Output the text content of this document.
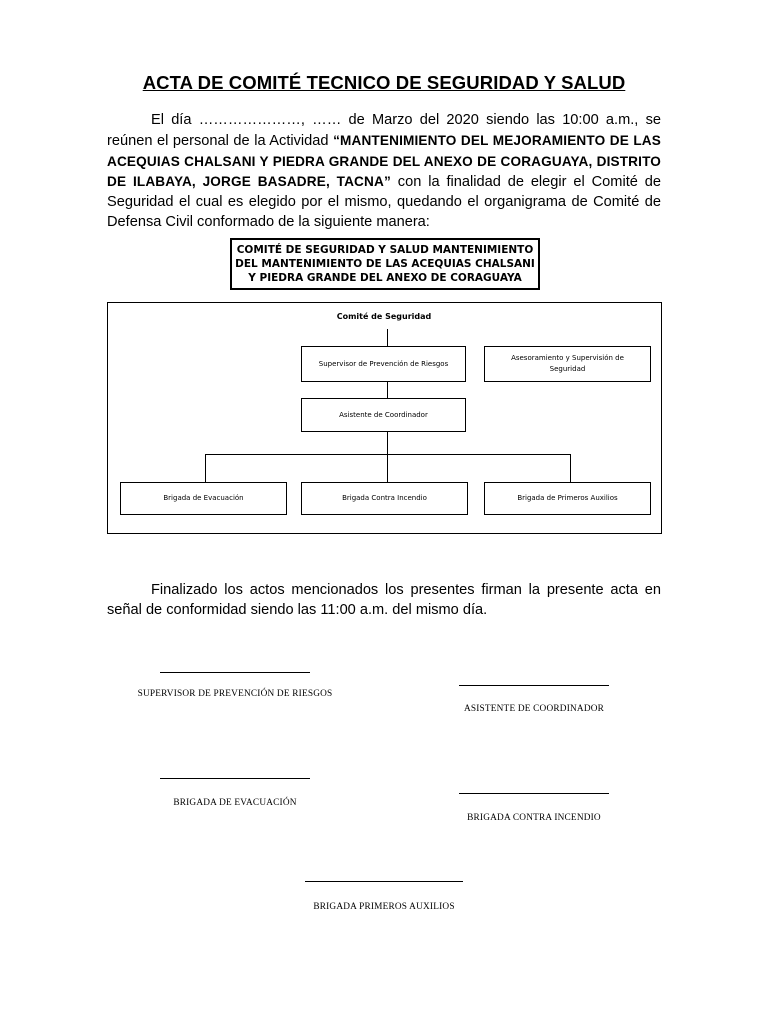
ACTA DE COMITÉ TECNICO DE SEGURIDAD Y SALUD
El día …………………, …… de Marzo del 2020 siendo las 10:00 a.m., se reúnen el personal de la Actividad “MANTENIMIENTO DEL MEJORAMIENTO DE LAS ACEQUIAS CHALSANI Y PIEDRA GRANDE DEL ANEXO DE CORAGUAYA, DISTRITO DE ILABAYA, JORGE BASADRE, TACNA” con la finalidad de elegir el Comité de Seguridad el cual es elegido por el mismo, quedando el organigrama de Comité de Defensa Civil conformado de la siguiente manera:
COMITÉ DE SEGURIDAD Y SALUD MANTENIMIENTO DEL MANTENIMIENTO DE LAS ACEQUIAS CHALSANI Y PIEDRA GRANDE DEL ANEXO DE CORAGUAYA
Comité de Seguridad
Supervisor de Prevención de Riesgos
Asesoramiento y Supervisión de Seguridad
Asistente de Coordinador
Brigada de Evacuación	Brigada Contra Incendio	Brigada de Primeros Auxilios
Finalizado los actos mencionados los presentes firman la presente acta en señal de conformidad siendo las 11:00 a.m. del mismo día.
SUPERVISOR DE PREVENCIÓN DE RIESGOS
ASISTENTE DE COORDINADOR
BRIGADA DE EVACUACIÓN
BRIGADA CONTRA INCENDIO
BRIGADA PRIMEROS AUXILIOS
